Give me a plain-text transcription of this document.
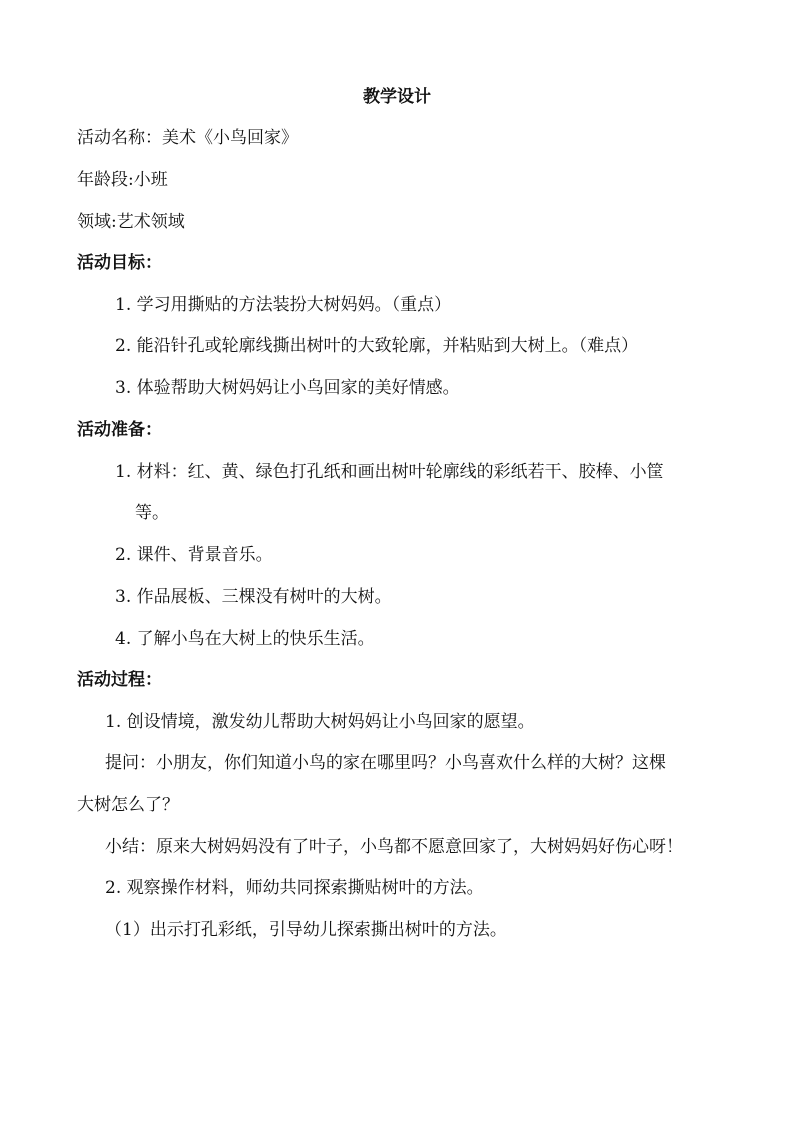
教学设计
活动名称：美术《小鸟回家》
年龄段:小班
领域:艺术领域
活动目标：
1. 学习用撕贴的方法装扮大树妈妈。（重点）
2. 能沿针孔或轮廓线撕出树叶的大致轮廓，并粘贴到大树上。（难点）
3. 体验帮助大树妈妈让小鸟回家的美好情感。
活动准备：
1. 材料：红、黄、绿色打孔纸和画出树叶轮廓线的彩纸若干、胶棒、小筐
等。
2. 课件、背景音乐。
3. 作品展板、三棵没有树叶的大树。
4. 了解小鸟在大树上的快乐生活。
活动过程：
1. 创设情境，激发幼儿帮助大树妈妈让小鸟回家的愿望。
提问：小朋友，你们知道小鸟的家在哪里吗？小鸟喜欢什么样的大树？这棵
大树怎么了？
小结：原来大树妈妈没有了叶子，小鸟都不愿意回家了，大树妈妈好伤心呀！
2. 观察操作材料，师幼共同探索撕贴树叶的方法。
（1）出示打孔彩纸，引导幼儿探索撕出树叶的方法。
